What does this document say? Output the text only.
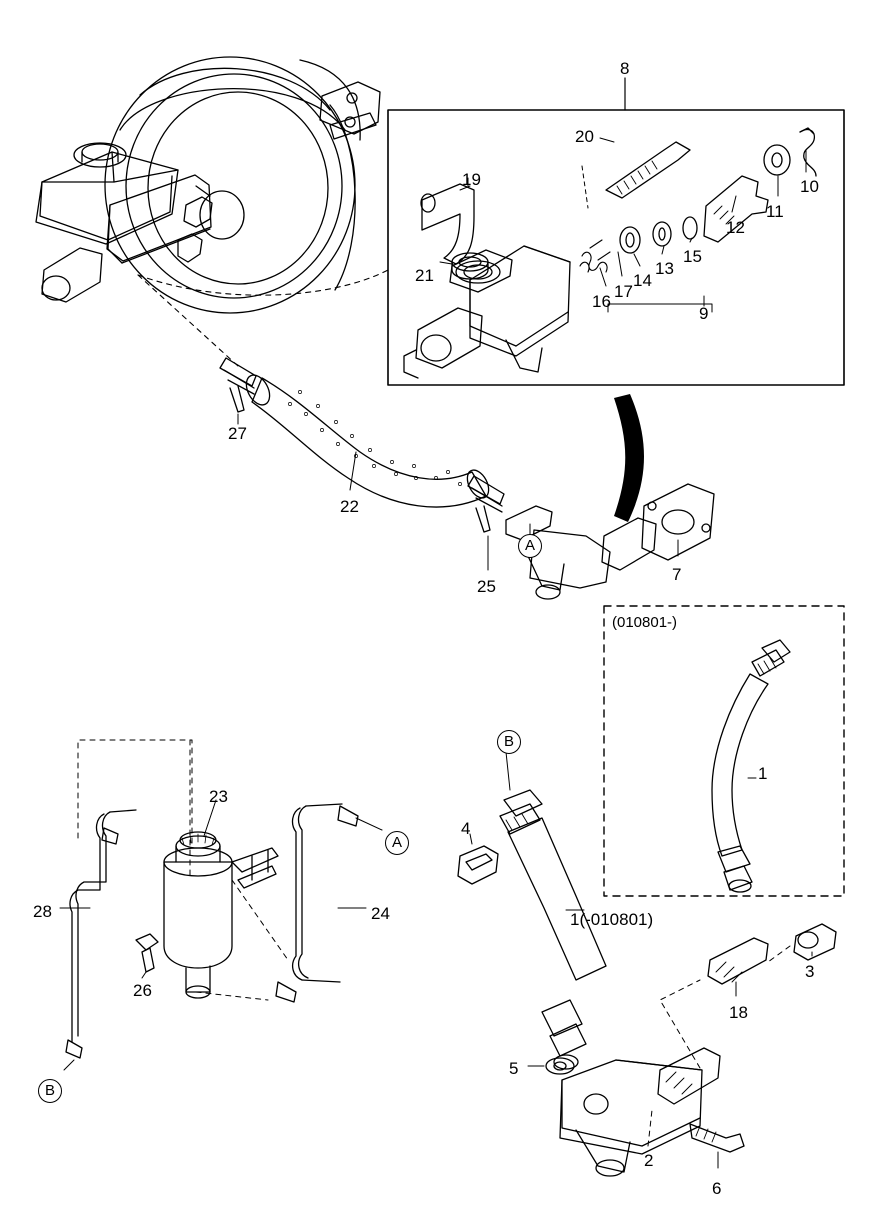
8
20
19	10
11
12
21
15
13
14
17
16
9
27
22
25
7
23
24
28
26
4
1(-010801)
1
3
18
5
2
6
A
A
B
B
(010801-)
